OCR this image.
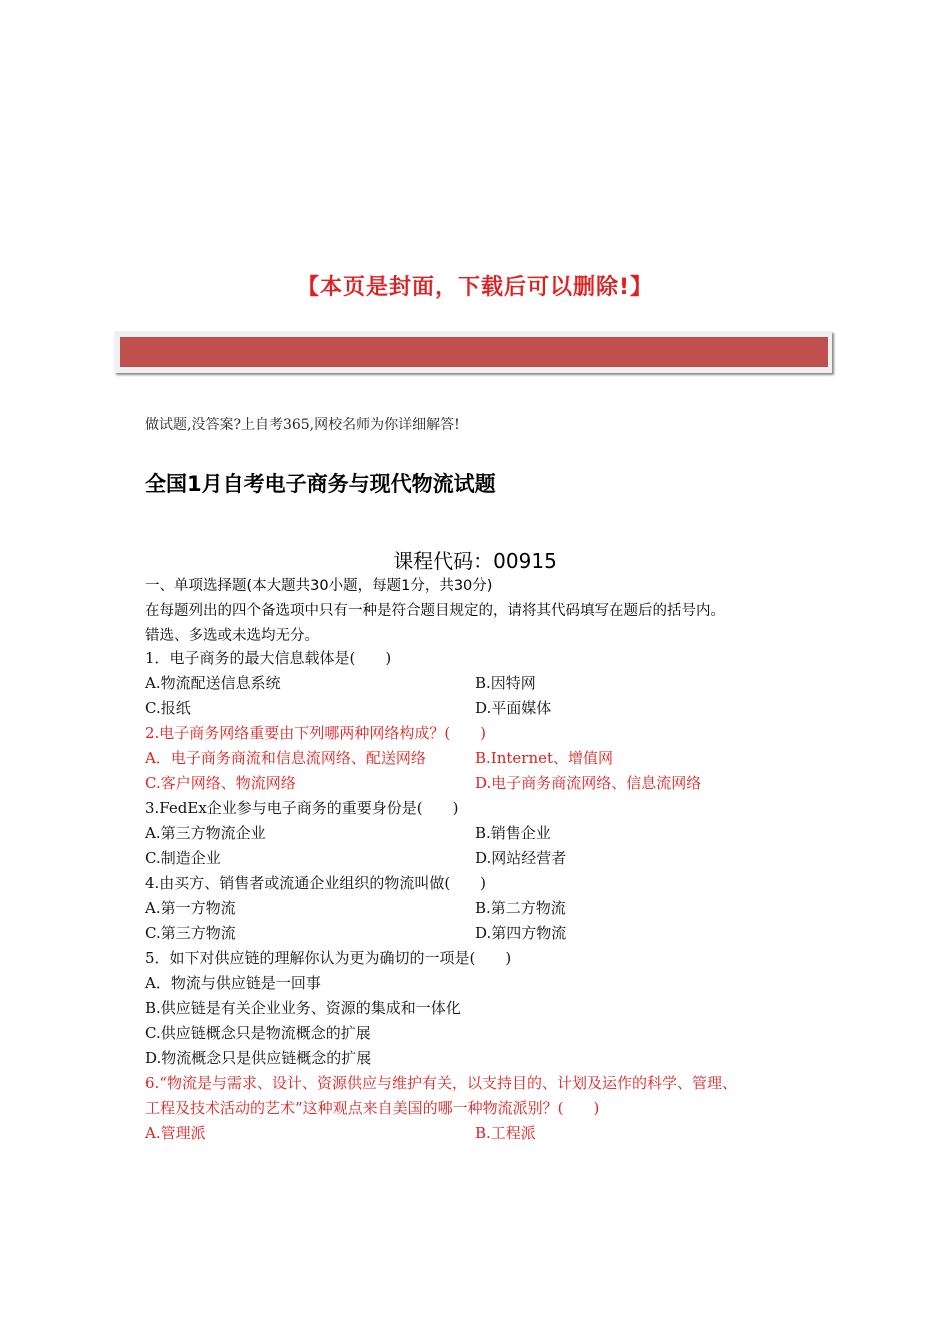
【本页是封面，下载后可以删除!】
做试题,没答案?上自考365,网校名师为你详细解答!
全国1月自考电子商务与现代物流试题
课程代码：00915
一、单项选择题(本大题共30小题，每题1分，共30分)
在每题列出的四个备选项中只有一种是符合题目规定的，请将其代码填写在题后的括号内。
错选、多选或未选均无分。
1．电子商务的最大信息载体是(　　)
A.物流配送信息系统	B.因特网
C.报纸	D.平面媒体
2.电子商务网络重要由下列哪两种网络构成？(　　)
A．电子商务商流和信息流网络、配送网络	B.Internet、增值网
C.客户网络、物流网络	D.电子商务商流网络、信息流网络
3.FedEx企业参与电子商务的重要身份是(　　)
A.第三方物流企业	B.销售企业
C.制造企业	D.网站经营者
4.由买方、销售者或流通企业组织的物流叫做(　　)
A.第一方物流	B.第二方物流
C.第三方物流	D.第四方物流
5．如下对供应链的理解你认为更为确切的一项是(　　)
A．物流与供应链是一回事
B.供应链是有关企业业务、资源的集成和一体化
C.供应链概念只是物流概念的扩展
D.物流概念只是供应链概念的扩展
6.“物流是与需求、设计、资源供应与维护有关，以支持目的、计划及运作的科学、管理、
工程及技术活动的艺术”这种观点来自美国的哪一种物流派别？(　　)
A.管理派	B.工程派
